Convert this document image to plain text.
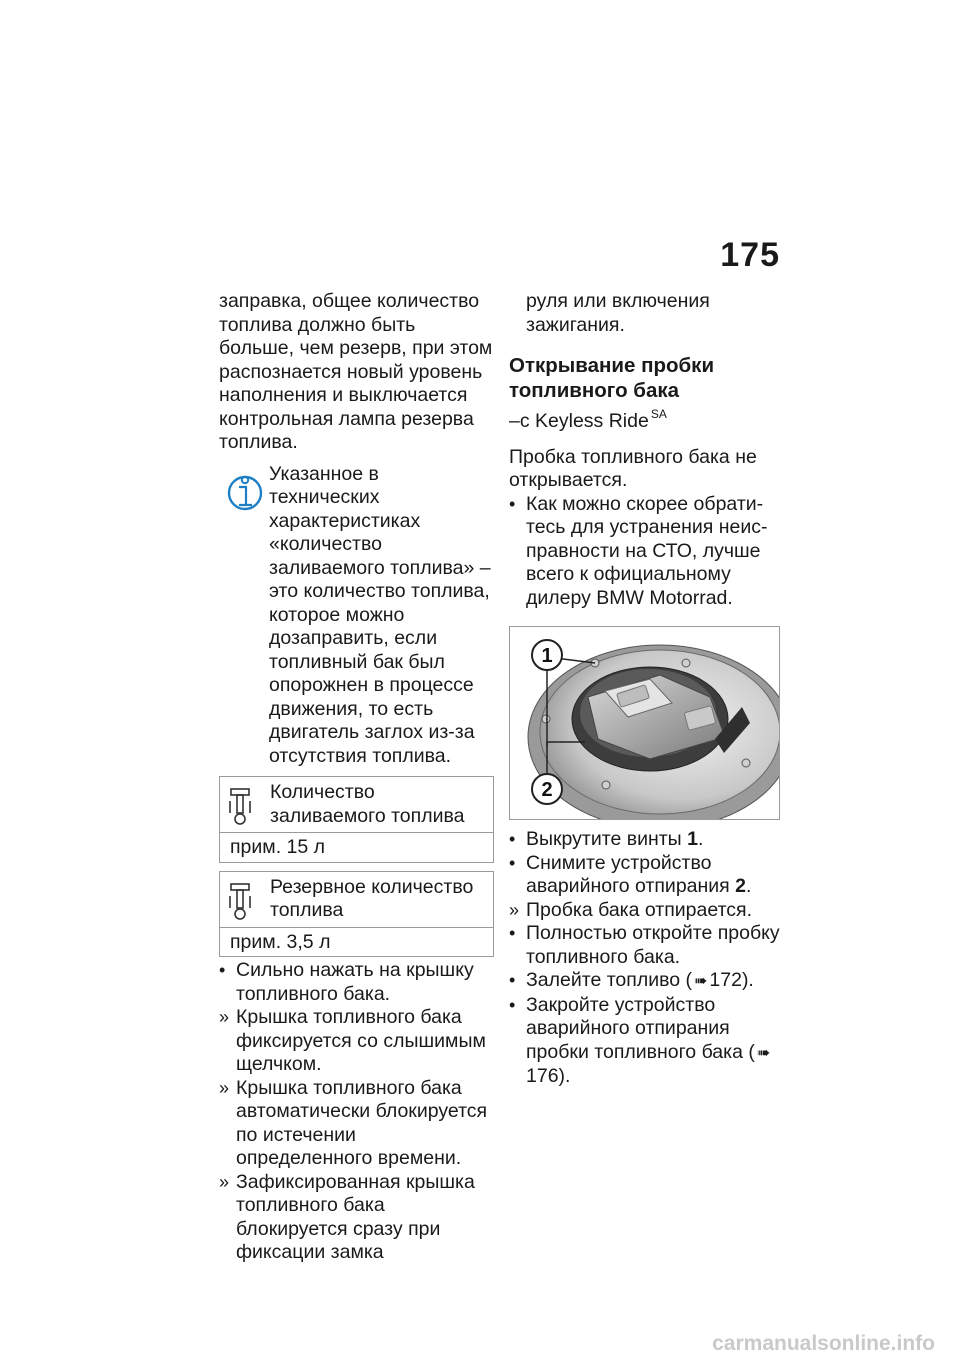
175

заправка, общее количество топлива должно быть больше, чем резерв, при этом распознается новый уровень наполнения и выключается контрольная лампа резерва топлива.

Указанное в технических характеристиках «количество заливаемого топлива» – это количество топлива, которое можно дозаправить, если топливный бак был опорожнен в процессе движения, то есть двигатель заглох из-за отсутствия топлива.

Количество заливаемого топлива
прим. 15 л
Резервное количество топлива
прим. 3,5 л
• Сильно нажать на крышку топливного бака.
» Крышка топливного бака фиксируется со слышимым щелчком.
» Крышка топливного бака автоматически блокируется по истечении определенного времени.
» Зафиксированная крышка топливного бака блокируется сразу при фиксации замка

руля или включения зажигания.

Открывание пробки топливного бака

–с Keyless Ride $^{SA}$

Пробка топливного бака не открывается.

• Как можно скорее обратитесь для устранения неисправности на СТО, лучше всего к официальному дилеру BMW Motorrad.
1
2
• Выкрутите винты 1.
• Снимите устройство аварийного отпирания 2.
» Пробка бака отпирается.
• Полностью откройте пробку топливного бака.
• Залейте топливо ( ➠ 172).
• Закройте устройство аварийного отпирания пробки топливного бака ( ➠176).
carmanualsonline.info
